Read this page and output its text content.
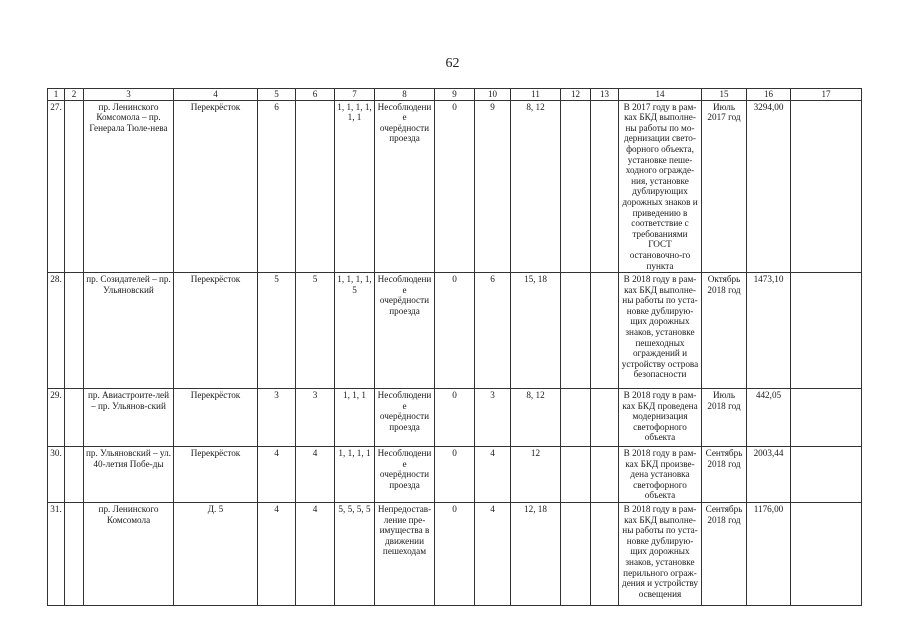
62
1	2	3	4	5	6	7	8	9	10	11	12	13	14	15	16	17
27.		пр. Ленинского Комсомола – пр. Генерала Тюле-нева	Перекрёсток	6		1, 1, 1, 1, 1, 1	Несоблюдение очерёдности проезда	0	9	8, 12			В 2017 году в рам-ках БКД выполне-ны работы по мо-дернизации свето-форного объекта, установке пеше-ходного огражде-ния, установке дублирующих дорожных знаков и приведению в соответствие с требованиями ГОСТ остановочно-го пункта	Июль 2017 год	3294,00	
28.		пр. Созидателей – пр. Ульяновский	Перекрёсток	5	5	1, 1, 1, 1, 5	Несоблюдение очерёдности проезда	0	6	15, 18			В 2018 году в рам-ках БКД выполне-ны работы по уста-новке дублирую-щих дорожных знаков, установке пешеходных ограждений и устройству острова безопасности	Октябрь 2018 год	1473,10	
29.		пр. Авиастроите-лей – пр. Ульянов-ский	Перекрёсток	3	3	1, 1, 1	Несоблюдение очерёдности проезда	0	3	8, 12			В 2018 году в рам-ках БКД проведена модернизация светофорного объекта	Июль 2018 год	442,05	
30.		пр. Ульяновский – ул. 40-летия Побе-ды	Перекрёсток	4	4	1, 1, 1, 1	Несоблюдение очерёдности проезда	0	4	12			В 2018 году в рам-ках БКД произве-дена установка светофорного объекта	Сентябрь 2018 год	2003,44	
31.		пр. Ленинского Комсомола	Д. 5	4	4	5, 5, 5, 5	Непредостав-ление пре-имущества в движении пешеходам	0	4	12, 18			В 2018 году в рам-ках БКД выполне-ны работы по уста-новке дублирую-щих дорожных знаков, установке перильного ограж-дения и устройству освещения	Сентябрь 2018 год	1176,00	
